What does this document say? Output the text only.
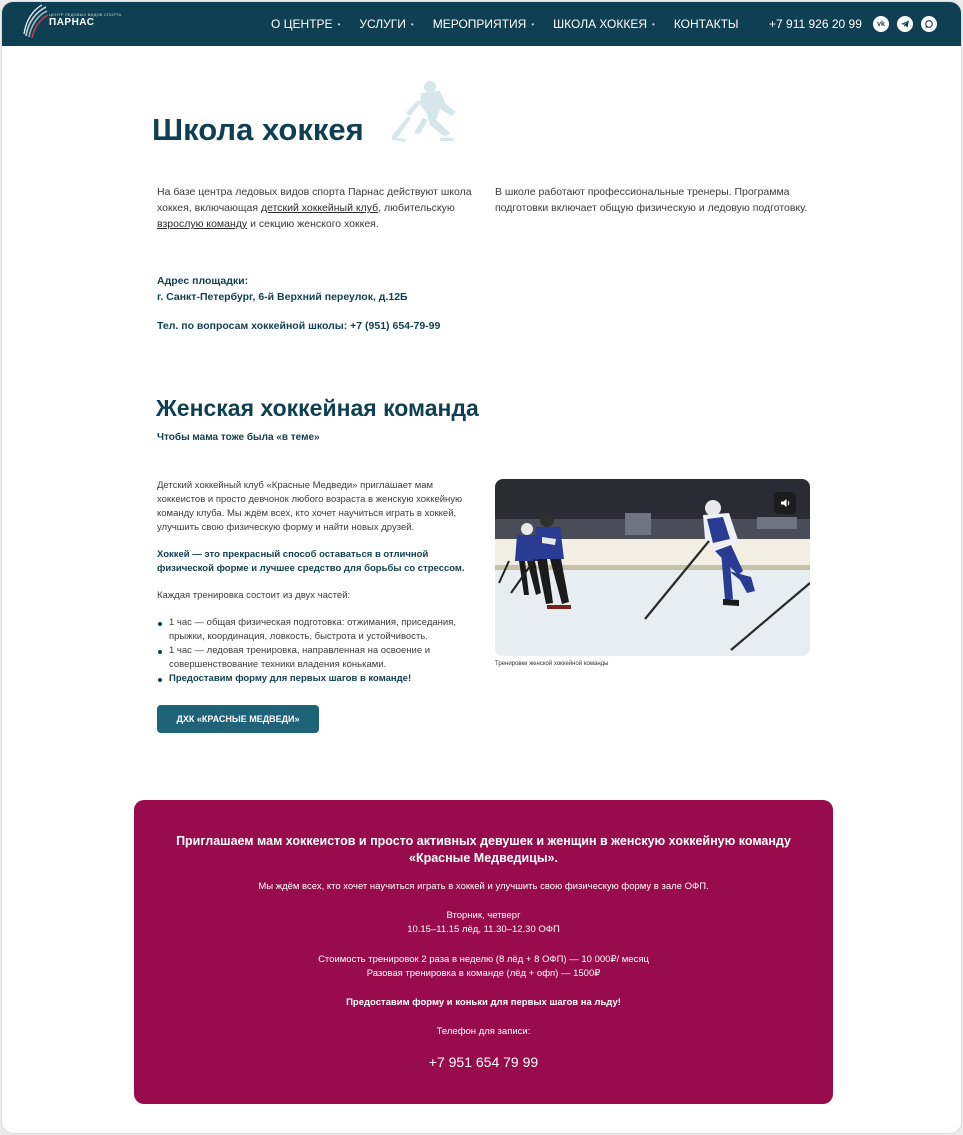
ЦЕНТР ЛЕДОВЫХ ВИДОВ СПОРТА
ПАРНАС	О ЦЕНТРЕ • УСЛУГИ • МЕРОПРИЯТИЯ • ШКОЛА ХОККЕЯ • КОНТАКТЫ	+7 911 926 20 99 vk
Школа хоккея
На базе центра ледовых видов спорта Парнас действуют школа хоккея, включающая детский хоккейный клуб, любительскую взрослую команду и секцию женского хоккея.
В школе работают профессиональные тренеры. Программа подготовки включает общую физическую и ледовую подготовку.
Адрес площадки:
г. Санкт-Петербург, 6-й Верхний переулок, д.12Б
Тел. по вопросам хоккейной школы: +7 (951) 654-79-99
Женская хоккейная команда
Чтобы мама тоже была «в теме»

Детский хоккейный клуб «Красные Медведи» приглашает мам хоккеистов и просто девчонок любого возраста в женскую хоккейную команду клуба. Мы ждём всех, кто хочет научиться играть в хоккей, улучшить свою физическую форму и найти новых друзей.

Хоккей — это прекрасный способ оставаться в отличной физической форме и лучшее средство для борьбы со стрессом.

Каждая тренировка состоит из двух частей:

1 час — общая физическая подготовка: отжимания, приседания, прыжки, координация, ловкость, быстрота и устойчивость.
1 час — ледовая тренировка, направленная на освоение и совершенствование техники владения коньками.
Предоставим форму для первых шагов в команде!
ДХК «КРАСНЫЕ МЕДВЕДИ»
Тренировки женской хоккейной команды
Приглашаем мам хоккеистов и просто активных девушек и женщин в женскую хоккейную команду
«Красные Медведицы».
Мы ждём всех, кто хочет научиться играть в хоккей и улучшить свою физическую форму в зале ОФП.
Вторник, четверг
10.15–11.15 лёд, 11.30–12.30 ОФП
Стоимость тренировок 2 раза в неделю (8 лёд + 8 ОФП) — 10 000₽/ месяц
Разовая тренировка в команде (лёд + офп) — 1500₽
Предоставим форму и коньки для первых шагов на льду!
Телефон для записи:
+7 951 654 79 99
